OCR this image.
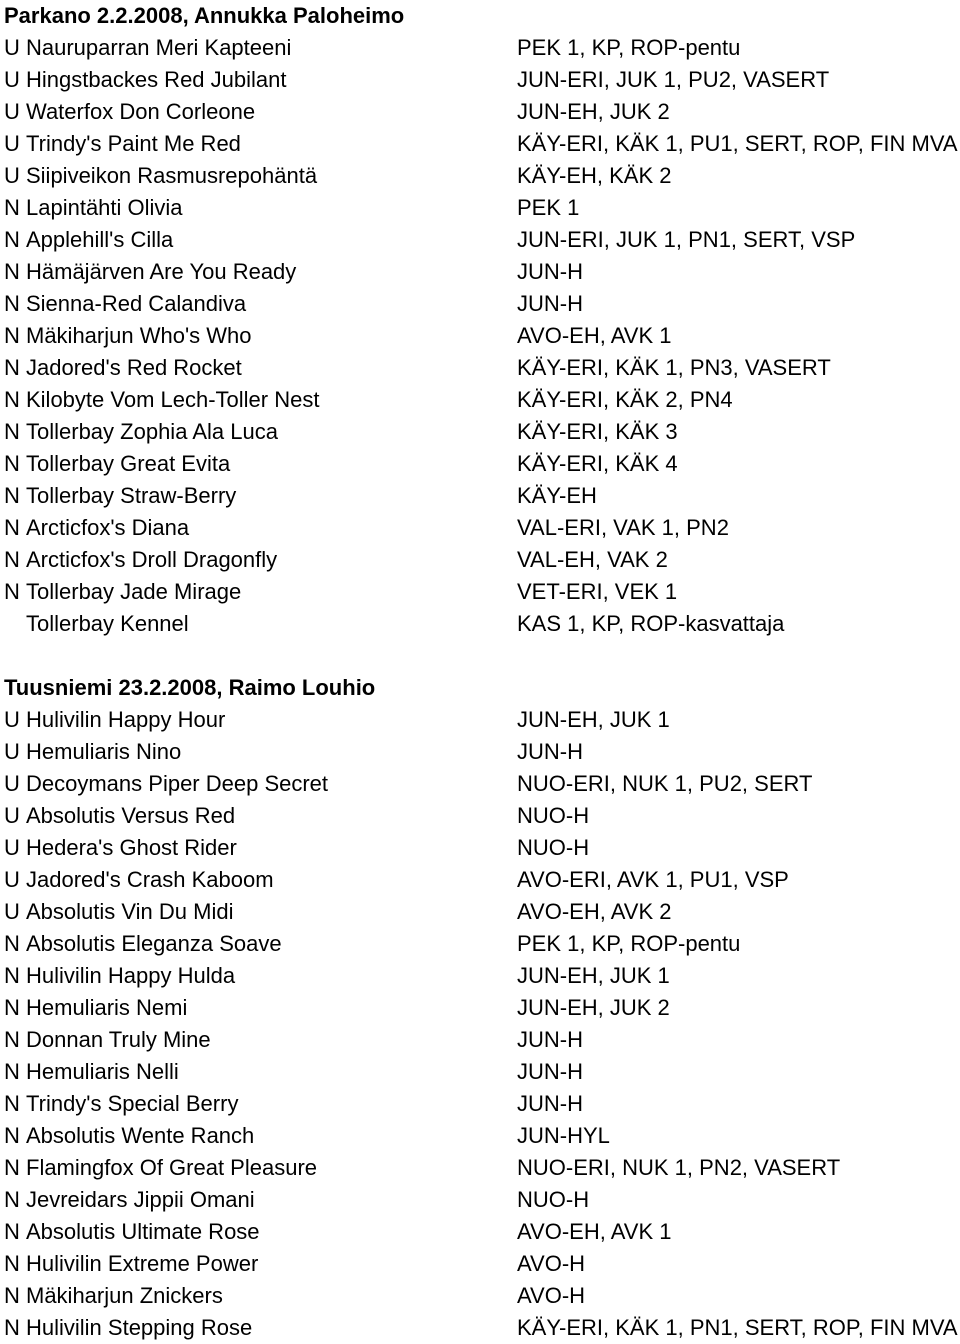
Parkano 2.2.2008, Annukka Paloheimo
U Nauruparran Meri Kapteeni	PEK 1, KP, ROP-pentu
U Hingstbackes Red Jubilant	JUN-ERI, JUK 1, PU2, VASERT
U Waterfox Don Corleone	JUN-EH, JUK 2
U Trindy's Paint Me Red	KÄY-ERI, KÄK 1, PU1, SERT, ROP, FIN MVA
U Siipiveikon Rasmusrepohäntä	KÄY-EH, KÄK 2
N Lapintähti Olivia	PEK 1
N Applehill's Cilla	JUN-ERI, JUK 1, PN1, SERT, VSP
N Hämäjärven Are You Ready	JUN-H
N Sienna-Red Calandiva	JUN-H
N Mäkiharjun Who's Who	AVO-EH, AVK 1
N Jadored's Red Rocket	KÄY-ERI, KÄK 1, PN3, VASERT
N Kilobyte Vom Lech-Toller Nest	KÄY-ERI, KÄK 2, PN4
N Tollerbay Zophia Ala Luca	KÄY-ERI, KÄK 3
N Tollerbay Great Evita	KÄY-ERI, KÄK 4
N Tollerbay Straw-Berry	KÄY-EH
N Arcticfox's Diana	VAL-ERI, VAK 1, PN2
N Arcticfox's Droll Dragonfly	VAL-EH, VAK 2
N Tollerbay Jade Mirage	VET-ERI, VEK 1
Tollerbay Kennel	KAS 1, KP, ROP-kasvattaja
Tuusniemi 23.2.2008, Raimo Louhio
U Hulivilin Happy Hour	JUN-EH, JUK 1
U Hemuliaris Nino	JUN-H
U Decoymans Piper Deep Secret	NUO-ERI, NUK 1, PU2, SERT
U Absolutis Versus Red	NUO-H
U Hedera's Ghost Rider	NUO-H
U Jadored's Crash Kaboom	AVO-ERI, AVK 1, PU1, VSP
U Absolutis Vin Du Midi	AVO-EH, AVK 2
N Absolutis Eleganza Soave	PEK 1, KP, ROP-pentu
N Hulivilin Happy Hulda	JUN-EH, JUK 1
N Hemuliaris Nemi	JUN-EH, JUK 2
N Donnan Truly Mine	JUN-H
N Hemuliaris Nelli	JUN-H
N Trindy's Special Berry	JUN-H
N Absolutis Wente Ranch	JUN-HYL
N Flamingfox Of Great Pleasure	NUO-ERI, NUK 1, PN2, VASERT
N Jevreidars Jippii Omani	NUO-H
N Absolutis Ultimate Rose	AVO-EH, AVK 1
N Hulivilin Extreme Power	AVO-H
N Mäkiharjun Znickers	AVO-H
N Hulivilin Stepping Rose	KÄY-ERI, KÄK 1, PN1, SERT, ROP, FIN MVA
